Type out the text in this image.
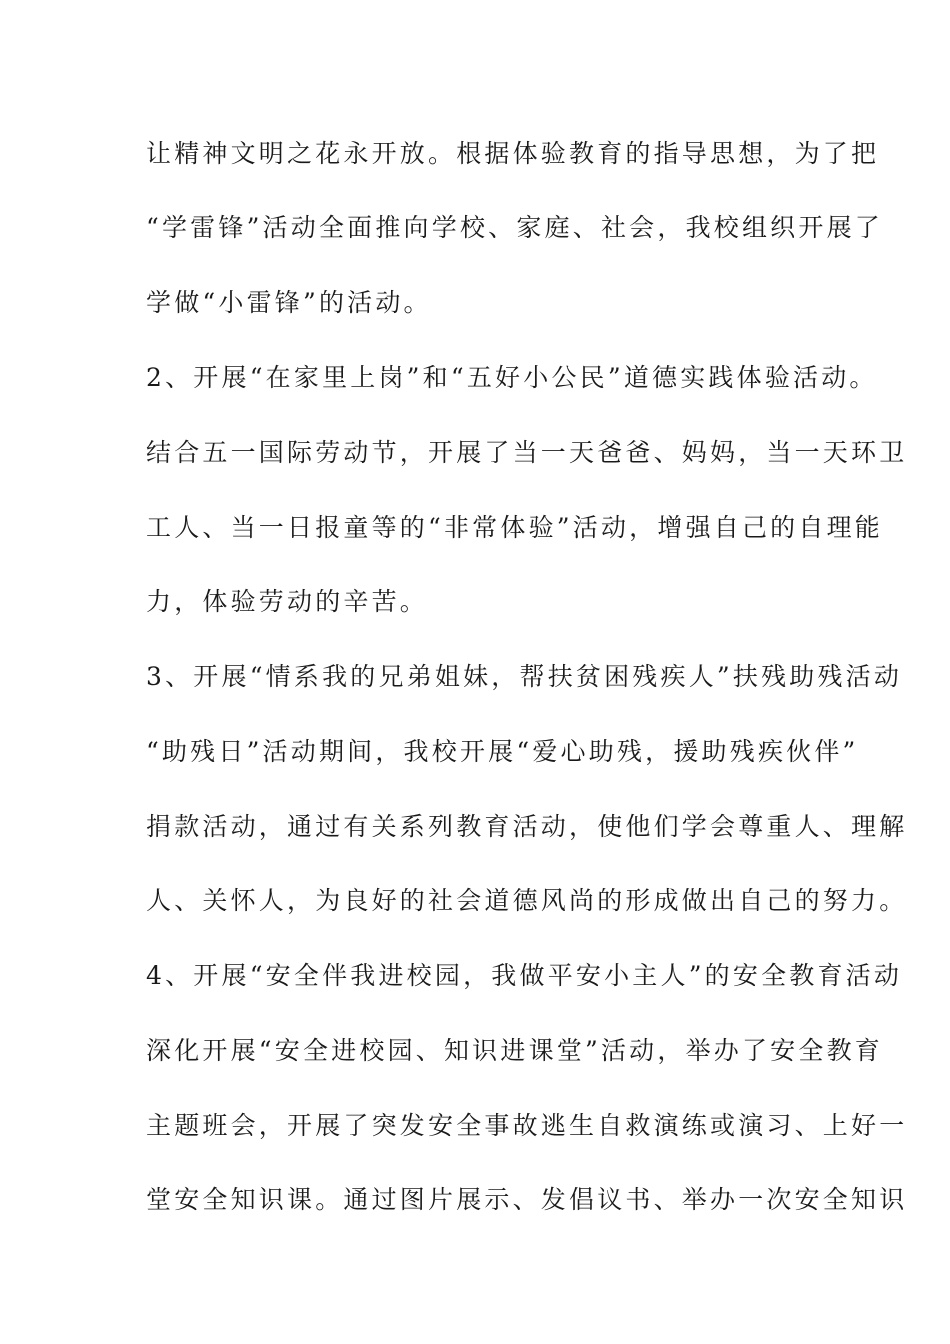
让精神文明之花永开放。根据体验教育的指导思想，为了把
“学雷锋”活动全面推向学校、家庭、社会，我校组织开展了
学做“小雷锋”的活动。
2、开展“在家里上岗”和“五好小公民”道德实践体验活动。
结合五一国际劳动节，开展了当一天爸爸、妈妈，当一天环卫
工人、当一日报童等的“非常体验”活动，增强自己的自理能
力，体验劳动的辛苦。
3、开展“情系我的兄弟姐妹，帮扶贫困残疾人”扶残助残活动
“助残日”活动期间，我校开展“爱心助残，援助残疾伙伴”
捐款活动，通过有关系列教育活动，使他们学会尊重人、理解
人、关怀人，为良好的社会道德风尚的形成做出自己的努力。
4、开展“安全伴我进校园，我做平安小主人”的安全教育活动
深化开展“安全进校园、知识进课堂”活动，举办了安全教育
主题班会，开展了突发安全事故逃生自救演练或演习、上好一
堂安全知识课。通过图片展示、发倡议书、举办一次安全知识
